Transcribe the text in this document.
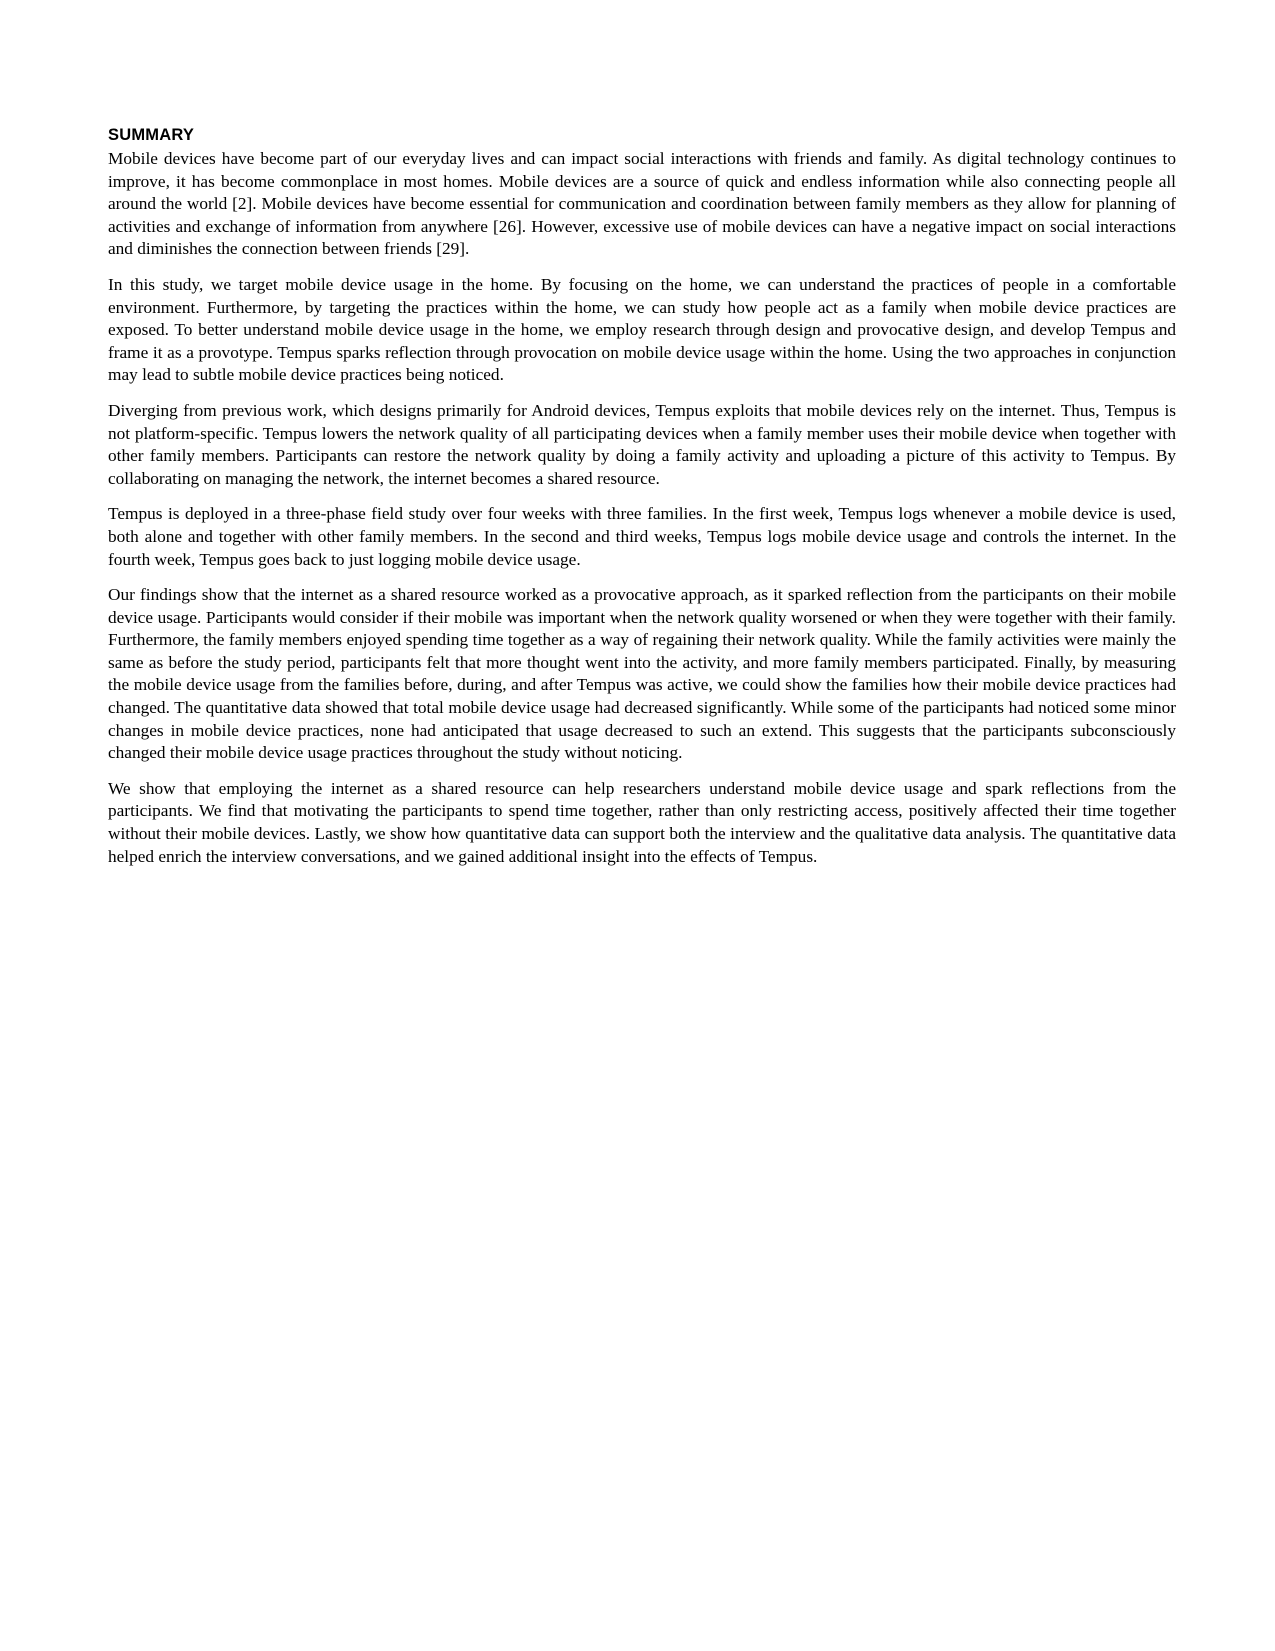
SUMMARY

Mobile devices have become part of our everyday lives and can impact social interactions with friends and family. As digital technology continues to improve, it has become commonplace in most homes. Mobile devices are a source of quick and endless information while also connecting people all around the world [2]. Mobile devices have become essential for communication and coordination between family members as they allow for planning of activities and exchange of information from anywhere [26]. However, excessive use of mobile devices can have a negative impact on social interactions and diminishes the connection between friends [29].

In this study, we target mobile device usage in the home. By focusing on the home, we can understand the practices of people in a comfortable environment. Furthermore, by targeting the practices within the home, we can study how people act as a family when mobile device practices are exposed. To better understand mobile device usage in the home, we employ research through design and provocative design, and develop Tempus and frame it as a provotype. Tempus sparks reflection through provocation on mobile device usage within the home. Using the two approaches in conjunction may lead to subtle mobile device practices being noticed.

Diverging from previous work, which designs primarily for Android devices, Tempus exploits that mobile devices rely on the internet. Thus, Tempus is not platform-specific. Tempus lowers the network quality of all participating devices when a family member uses their mobile device when together with other family members. Participants can restore the network quality by doing a family activity and uploading a picture of this activity to Tempus. By collaborating on managing the network, the internet becomes a shared resource.

Tempus is deployed in a three-phase field study over four weeks with three families. In the first week, Tempus logs whenever a mobile device is used, both alone and together with other family members. In the second and third weeks, Tempus logs mobile device usage and controls the internet. In the fourth week, Tempus goes back to just logging mobile device usage.

Our findings show that the internet as a shared resource worked as a provocative approach, as it sparked reflection from the participants on their mobile device usage. Participants would consider if their mobile was important when the network quality worsened or when they were together with their family. Furthermore, the family members enjoyed spending time together as a way of regaining their network quality. While the family activities were mainly the same as before the study period, participants felt that more thought went into the activity, and more family members participated. Finally, by measuring the mobile device usage from the families before, during, and after Tempus was active, we could show the families how their mobile device practices had changed. The quantitative data showed that total mobile device usage had decreased significantly. While some of the participants had noticed some minor changes in mobile device practices, none had anticipated that usage decreased to such an extend. This suggests that the participants subconsciously changed their mobile device usage practices throughout the study without noticing.

We show that employing the internet as a shared resource can help researchers understand mobile device usage and spark reflections from the participants. We find that motivating the participants to spend time together, rather than only restricting access, positively affected their time together without their mobile devices. Lastly, we show how quantitative data can support both the interview and the qualitative data analysis. The quantitative data helped enrich the interview conversations, and we gained additional insight into the effects of Tempus.
